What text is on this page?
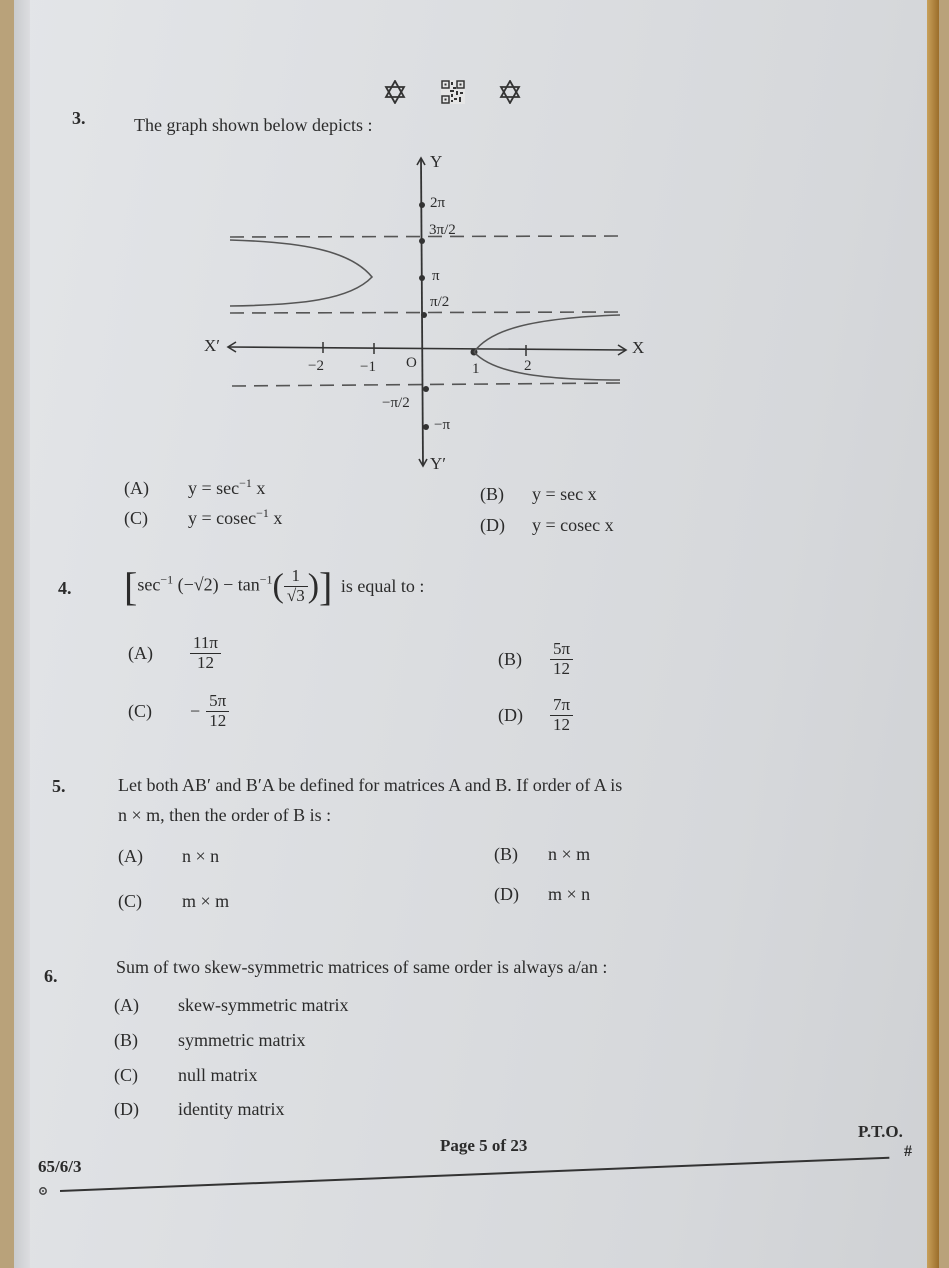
3.	The graph shown below depicts :
Y
Y′
X′	X
O
−2 −1	1	2
2π
3π/2
π
π/2
−π/2
−π
(A) $y = \sec^{-1} x$	(B) y = sec x
(C) y = cosec$^{-1}$ x	(D) y = cosec x
4. [$\sec^{-1}$ $(-√2) - \tan^{-1}( \frac{1}{√3}$ )] is equal to :
$(A) \frac{11\pi}{12}$	$(B) \frac{5\pi}{12}$
$(C) - \frac{5\pi}{12}$	$(D) \frac{7\pi}{12}$
5.	Let both AB′ and B′A be defined for matrices A and B. If order of A is
n × m, then the order of B is :
(A) n × n	(B) n × m
(C) m × m	(D) m × n
6.	Sum of two skew-symmetric matrices of same order is always a/an :
(A) skew-symmetric matrix
(B) symmetric matrix
(C) null matrix
(D) identity matrix
Page 5 of 23
P.T.O.
#
65/6/3
